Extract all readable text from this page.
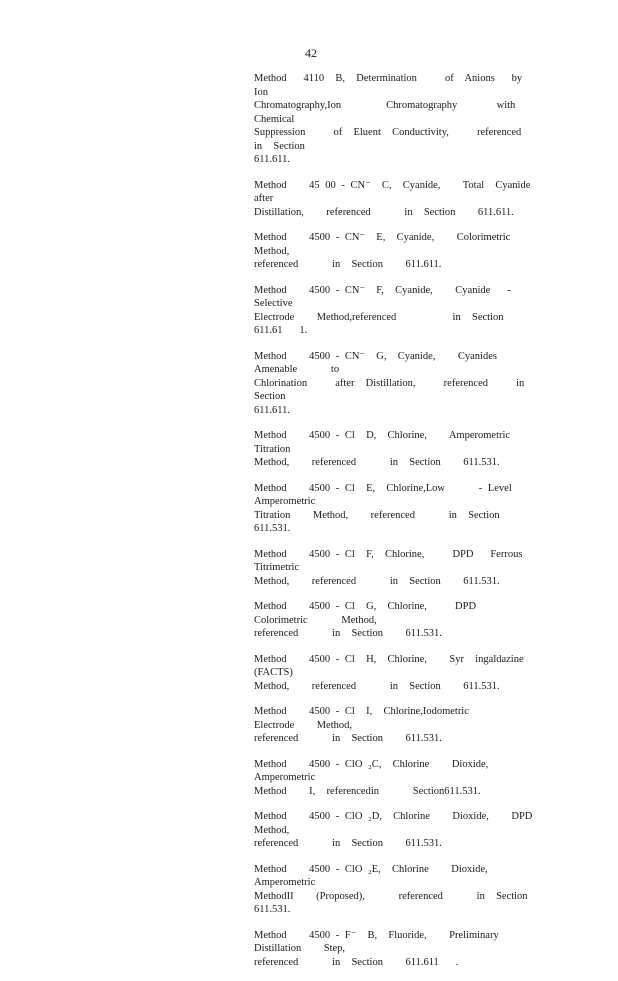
42
Method   4110  B,  Determination     of  Anions   by  Ion
Chromatography,Ion        Chromatography       with  Chemical
Suppression     of  Eluent  Conductivity,     referenced     in  Section
611.611.
Method    45 00 - CN⁻  C,  Cyanide,    Total  Cyanide    after
Distillation,    referenced      in  Section    611.611.
Method    4500 - CN⁻  E,  Cyanide,    Colorimetric      Method,
referenced      in  Section    611.611.
Method    4500 - CN⁻  F,  Cyanide,    Cyanide   - Selective
Electrode    Method,referenced          in  Section    611.61   1.
Method    4500 - CN⁻  G,  Cyanide,    Cyanides    Amenable      to
Chlorination     after  Distillation,     referenced     in  Section
611.611.
Method    4500 - Cl  D,  Chlorine,    Amperometric       Titration
Method,    referenced      in  Section    611.531.
Method    4500 - Cl  E,  Chlorine,Low      - Level  Amperometric
Titration    Method,    referenced      in  Section    611.531.
Method    4500 - Cl  F,  Chlorine,     DPD   Ferrous    Titrimetric
Method,    referenced      in  Section    611.531.
Method    4500 - Cl  G,  Chlorine,     DPD   Colorimetric      Method,
referenced      in  Section    611.531.
Method    4500 - Cl  H,  Chlorine,    Syr  ingaldazine     (FACTS)
Method,    referenced      in  Section    611.531.
Method    4500 - Cl  I,  Chlorine,Iodometric         Electrode    Method,
referenced      in  Section    611.531.
Method    4500 - ClO ₂C,  Chlorine    Dioxide,    Amperometric
Method    I,  referencedin      Section611.531.
Method    4500 - ClO ₂D,  Chlorine    Dioxide,    DPD   Method,
referenced      in  Section    611.531.
Method    4500 - ClO ₂E,  Chlorine    Dioxide,    Amperometric
MethodII    (Proposed),      referenced      in  Section    611.531.
Method    4500 - F⁻  B,  Fluoride,    Preliminary      Distillation    Step,
referenced      in  Section    611.611   .
